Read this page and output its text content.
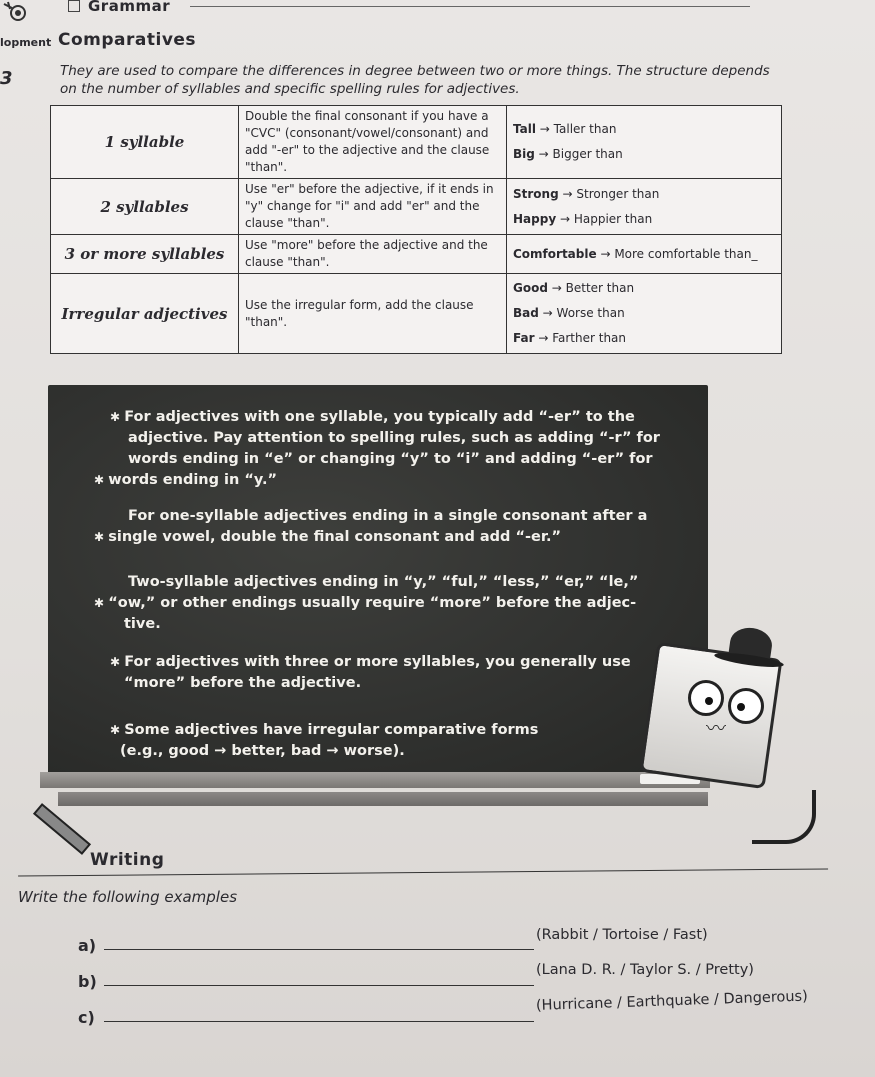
Grammar
lopment Comparatives
3	They are used to compare the differences in degree between two or more things. The structure depends on the number of syllables and specific spelling rules for adjectives.
1 syllable	Double the final consonant if you have a "CVC" (consonant/vowel/consonant) and add "-er" to the adjective and the clause "than".	Tall → Taller than
Big → Bigger than

2 syllables	Use "er" before the adjective, if it ends in "y" change for "i" and add "er" and the clause "than".	Strong → Stronger than
Happy → Happier than

3 or more syllables	Use "more" before the adjective and the clause "than".	Comfortable → More comfortable than_

Irregular adjectives	Use the irregular form, add the clause "than".	Good → Better than
Bad → Worse than
Far → Farther than
✱ For adjectives with one syllable, you typically add “-er” to the
adjective. Pay attention to spelling rules, such as adding “-r” for
words ending in “e” or changing “y” to “i” and adding “-er” for
✱ words ending in “y.”
For one-syllable adjectives ending in a single consonant after a
✱ single vowel, double the final consonant and add “-er.”
Two-syllable adjectives ending in “y,” “ful,” “less,” “er,” “le,”
✱ “ow,” or other endings usually require “more” before the adjec-
tive.
✱ For adjectives with three or more syllables, you generally use
“more” before the adjective.
✱ Some adjectives have irregular comparative forms
(e.g., good → better, bad → worse).
〰
Writing
Write the following examples
a)
(Rabbit / Tortoise / Fast)
b)
(Lana D. R. / Taylor S. / Pretty)
c)
(Hurricane / Earthquake / Dangerous)
